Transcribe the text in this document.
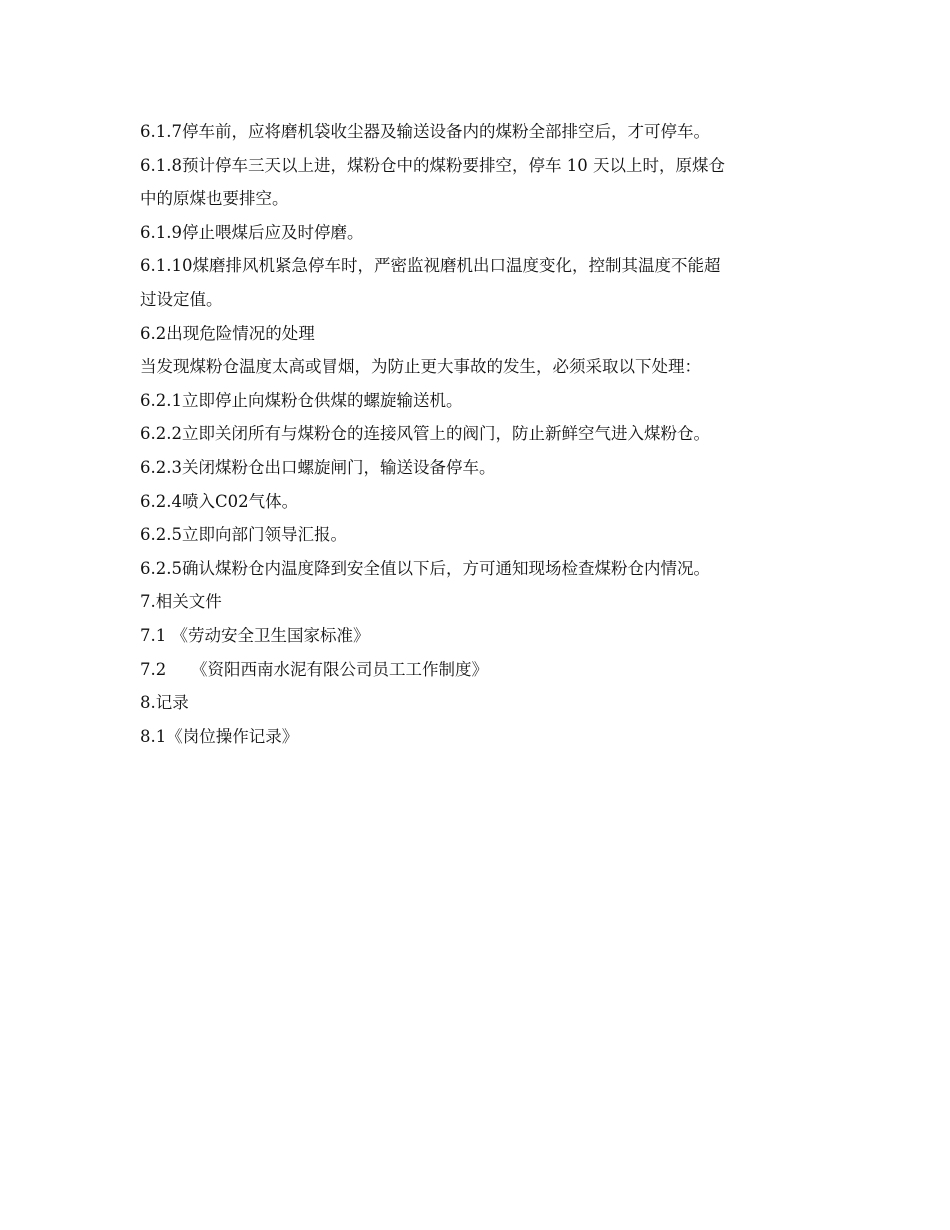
6.1.7停车前，应将磨机袋收尘器及输送设备内的煤粉全部排空后，才可停车。

6.1.8预计停车三天以上进，煤粉仓中的煤粉要排空，停车 10 天以上时，原煤仓

中的原煤也要排空。

6.1.9停止喂煤后应及时停磨。

6.1.10煤磨排风机紧急停车时，严密监视磨机出口温度变化，控制其温度不能超

过设定值。

6.2出现危险情况的处理

当发现煤粉仓温度太高或冒烟，为防止更大事故的发生，必须采取以下处理：

6.2.1立即停止向煤粉仓供煤的螺旋输送机。

6.2.2立即关闭所有与煤粉仓的连接风管上的阀门，防止新鲜空气进入煤粉仓。

6.2.3关闭煤粉仓出口螺旋闸门，输送设备停车。

6.2.4喷入C02气体。

6.2.5立即向部门领导汇报。

6.2.5确认煤粉仓内温度降到安全值以下后，方可通知现场检查煤粉仓内情况。

7.相关文件

7.1 《劳动安全卫生国家标准》

7.2　　《资阳西南水泥有限公司员工工作制度》

8.记录

8.1《岗位操作记录》
